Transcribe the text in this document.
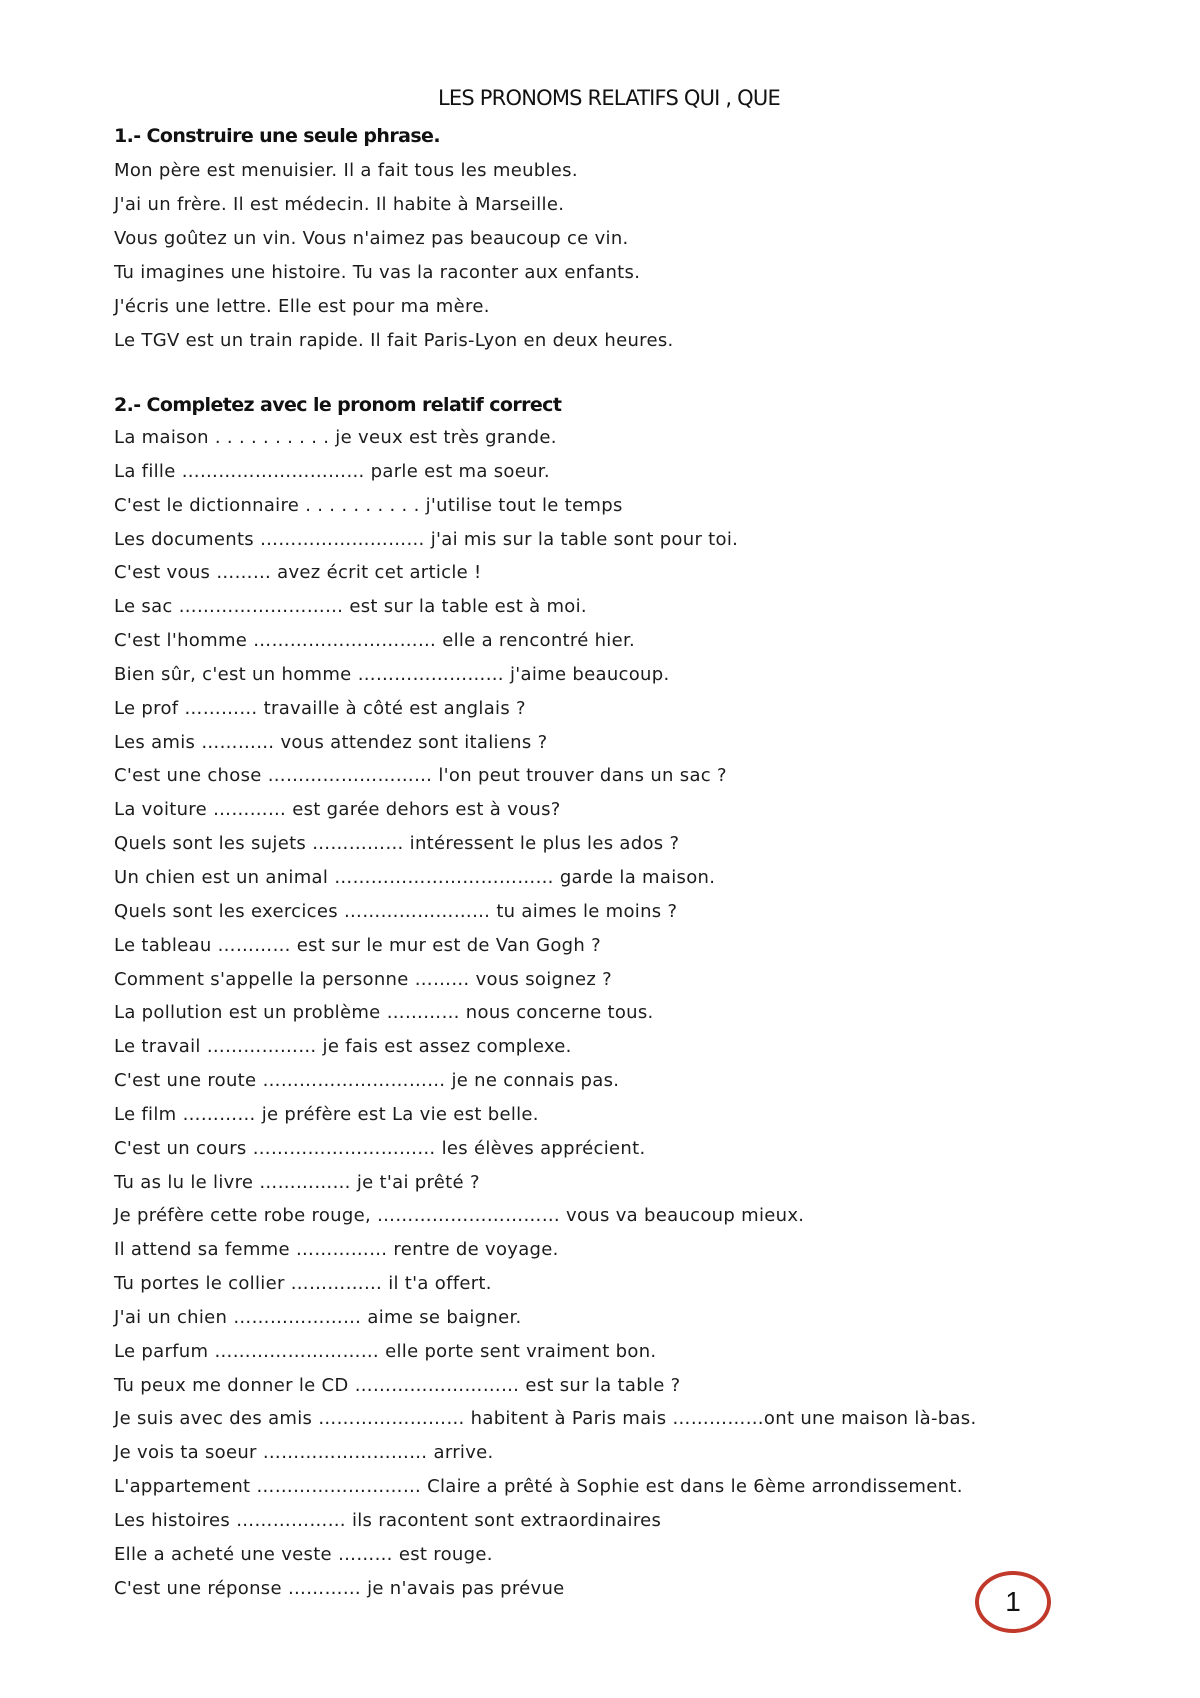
LES PRONOMS RELATIFS QUI , QUE
1.- Construire une seule phrase.
Mon père est menuisier. Il a fait tous les meubles.
J'ai un frère. Il est médecin. Il habite à Marseille.
Vous goûtez un vin. Vous n'aimez pas beaucoup ce vin.
Tu imagines une histoire. Tu vas la raconter aux enfants.
J'écris une lettre. Elle est pour ma mère.
Le TGV est un train rapide. Il fait Paris-Lyon en deux heures.
2.- Completez avec le pronom relatif correct
La maison . . . . . . . . . . je veux est très grande.
La fille ………………………… parle est ma soeur.
C'est le dictionnaire . . . . . . . . . . j'utilise tout le temps
Les documents ……………………… j'ai mis sur la table sont pour toi.
C'est vous ……… avez écrit cet article !
Le sac ……………………… est sur la table est à moi.
C'est l'homme ………………………… elle a rencontré hier.
Bien sûr, c'est un homme …………………… j'aime beaucoup.
Le prof ………… travaille à côté est anglais ?
Les amis ………… vous attendez sont italiens ?
C'est une chose ……………………… l'on peut trouver dans un sac ?
La voiture ………… est garée dehors est à vous?
Quels sont les sujets …………… intéressent le plus les ados ?
Un chien est un animal ……………………………… garde la maison.
Quels sont les exercices …………………… tu aimes le moins ?
Le tableau ………… est sur le mur est de Van Gogh ?
Comment s'appelle la personne ……… vous soignez ?
La pollution est un problème ………… nous concerne tous.
Le travail ……………… je fais est assez complexe.
C'est une route ………………………… je ne connais pas.
Le film ………… je préfère est La vie est belle.
C'est un cours ………………………… les élèves apprécient.
Tu as lu le livre …………… je t'ai prêté ?
Je préfère cette robe rouge, ………………………… vous va beaucoup mieux.
Il attend sa femme …………… rentre de voyage.
Tu portes le collier …………… il t'a offert.
J'ai un chien ………………… aime se baigner.
Le parfum ……………………… elle porte sent vraiment bon.
Tu peux me donner le CD ……………………… est sur la table ?
Je suis avec des amis …………………… habitent à Paris mais ……………ont une maison là-bas.
Je vois ta soeur ……………………… arrive.
L'appartement ……………………… Claire a prêté à Sophie est dans le 6ème arrondissement.
Les histoires ……………… ils racontent sont extraordinaires
Elle a acheté une veste ……… est rouge.
C'est une réponse ………… je n'avais pas prévue	1
